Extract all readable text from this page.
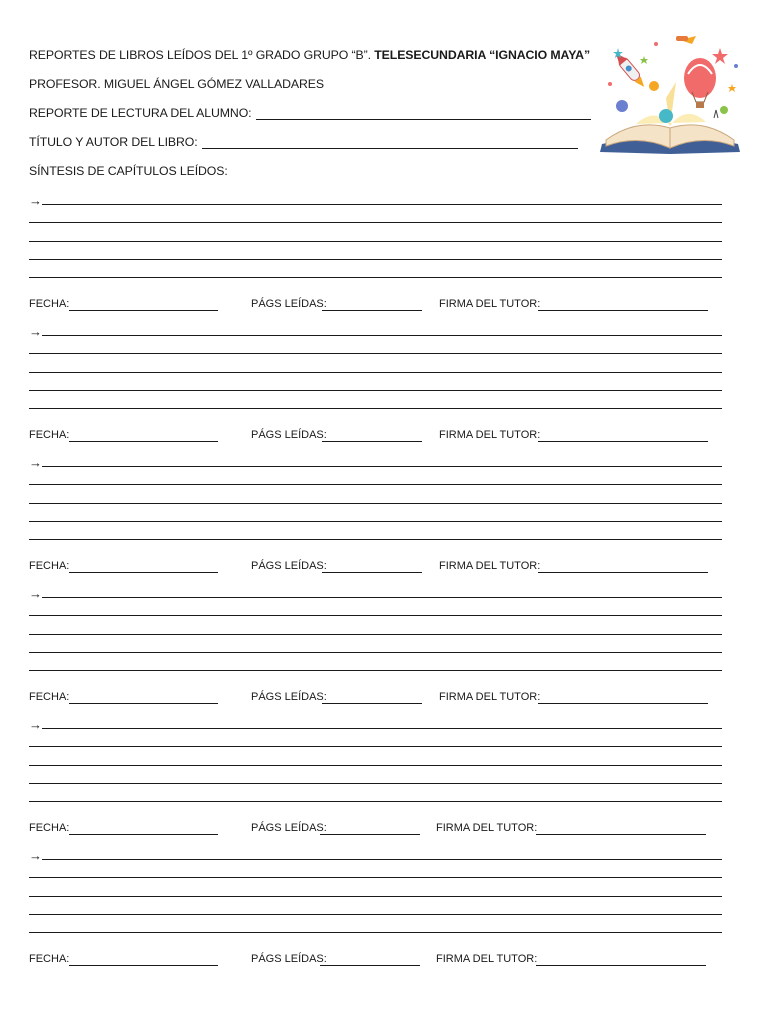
REPORTES DE LIBROS LEÍDOS DEL 1º GRADO GRUPO “B”.
TELESECUNDARIA “IGNACIO MAYA”
PROFESOR. MIGUEL ÁNGEL GÓMEZ VALLADARES
REPORTE DE LECTURA DEL ALUMNO:
TÍTULO Y AUTOR DEL LIBRO:
SÍNTESIS DE CAPÍTULOS LEÍDOS:
→
FECHA:	PÁGS LEÍDAS:	FIRMA DEL TUTOR:
→
FECHA:	PÁGS LEÍDAS:	FIRMA DEL TUTOR:
→
FECHA:	PÁGS LEÍDAS:	FIRMA DEL TUTOR:
→
FECHA:	PÁGS LEÍDAS:	FIRMA DEL TUTOR:
→
FECHA:	PÁGS LEÍDAS:	FIRMA DEL TUTOR:
→
FECHA:	PÁGS LEÍDAS:	FIRMA DEL TUTOR:
